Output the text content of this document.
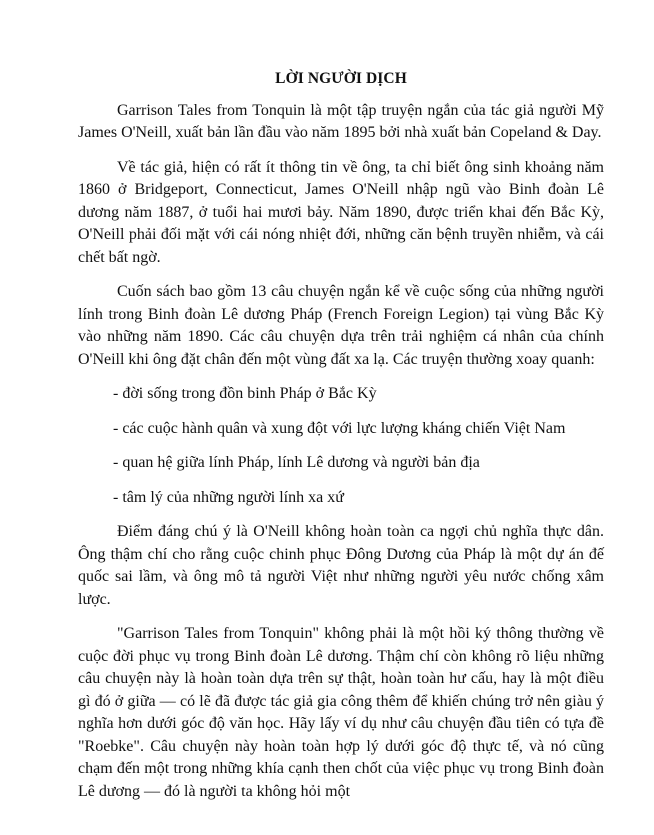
LỜI NGƯỜI DỊCH

Garrison Tales from Tonquin là một tập truyện ngắn của tác giả người Mỹ James O'Neill, xuất bản lần đầu vào năm 1895 bởi nhà xuất bản Copeland & Day.

Về tác giả, hiện có rất ít thông tin về ông, ta chỉ biết ông sinh khoảng năm 1860 ở Bridgeport, Connecticut, James O'Neill nhập ngũ vào Binh đoàn Lê dương năm 1887, ở tuổi hai mươi bảy. Năm 1890, được triển khai đến Bắc Kỳ, O'Neill phải đối mặt với cái nóng nhiệt đới, những căn bệnh truyền nhiễm, và cái chết bất ngờ.

Cuốn sách bao gồm 13 câu chuyện ngắn kể về cuộc sống của những người lính trong Binh đoàn Lê dương Pháp (French Foreign Legion) tại vùng Bắc Kỳ vào những năm 1890. Các câu chuyện dựa trên trải nghiệm cá nhân của chính O'Neill khi ông đặt chân đến một vùng đất xa lạ. Các truyện thường xoay quanh:

- đời sống trong đồn binh Pháp ở Bắc Kỳ

- các cuộc hành quân và xung đột với lực lượng kháng chiến Việt Nam

- quan hệ giữa lính Pháp, lính Lê dương và người bản địa

- tâm lý của những người lính xa xứ

Điểm đáng chú ý là O'Neill không hoàn toàn ca ngợi chủ nghĩa thực dân. Ông thậm chí cho rằng cuộc chinh phục Đông Dương của Pháp là một dự án đế quốc sai lầm, và ông mô tả người Việt như những người yêu nước chống xâm lược.

"Garrison Tales from Tonquin" không phải là một hồi ký thông thường về cuộc đời phục vụ trong Binh đoàn Lê dương. Thậm chí còn không rõ liệu những câu chuyện này là hoàn toàn dựa trên sự thật, hoàn toàn hư cấu, hay là một điều gì đó ở giữa — có lẽ đã được tác giả gia công thêm để khiến chúng trở nên giàu ý nghĩa hơn dưới góc độ văn học. Hãy lấy ví dụ như câu chuyện đầu tiên có tựa đề "Roebke". Câu chuyện này hoàn toàn hợp lý dưới góc độ thực tế, và nó cũng chạm đến một trong những khía cạnh then chốt của việc phục vụ trong Binh đoàn Lê dương — đó là người ta không hỏi một
